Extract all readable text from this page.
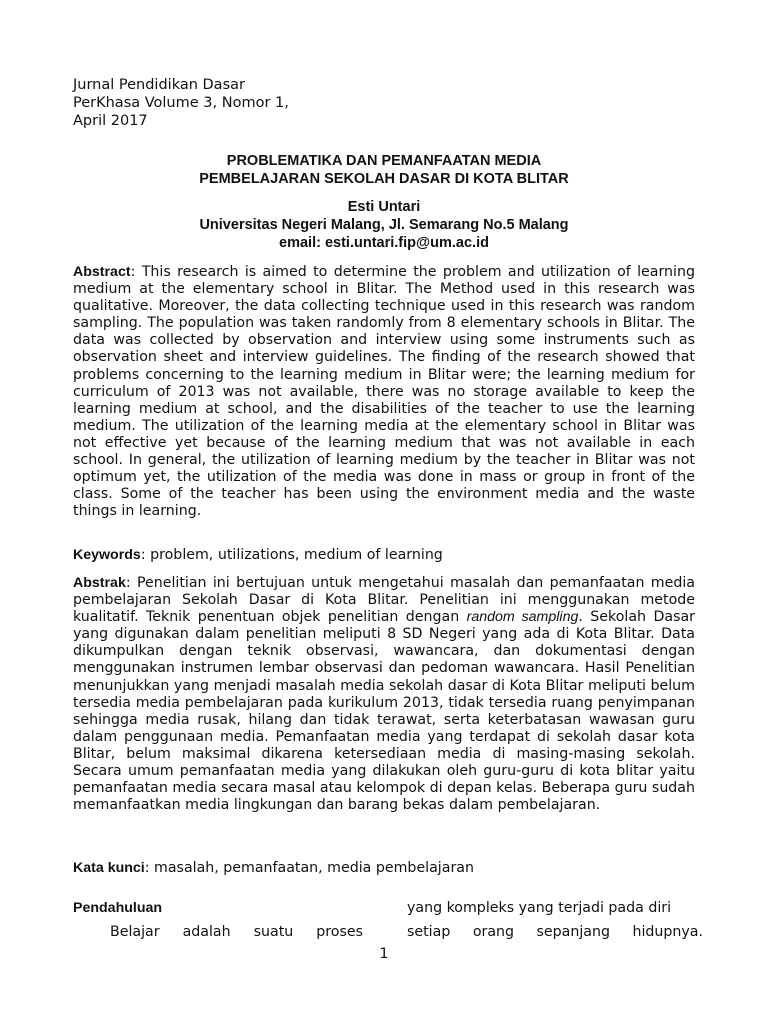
Jurnal Pendidikan Dasar
PerKhasa Volume 3, Nomor 1,
April 2017
PROBLEMATIKA DAN PEMANFAATAN MEDIA
PEMBELAJARAN SEKOLAH DASAR DI KOTA BLITAR
Esti Untari
Universitas Negeri Malang, Jl. Semarang No.5 Malang
email: esti.untari.fip@um.ac.id

Abstract: This research is aimed to determine the problem and utilization of learning medium at the elementary school in Blitar. The Method used in this research was qualitative. Moreover, the data collecting technique used in this research was random sampling. The population was taken randomly from 8 elementary schools in Blitar. The data was collected by observation and interview using some instruments such as observation sheet and interview guidelines. The finding of the research showed that problems concerning to the learning medium in Blitar were; the learning medium for curriculum of 2013 was not available, there was no storage available to keep the learning medium at school, and the disabilities of the teacher to use the learning medium. The utilization of the learning media at the elementary school in Blitar was not effective yet because of the learning medium that was not available in each school. In general, the utilization of learning medium by the teacher in Blitar was not optimum yet, the utilization of the media was done in mass or group in front of the class. Some of the teacher has been using the environment media and the waste things in learning.

Keywords: problem, utilizations, medium of learning

Abstrak: Penelitian ini bertujuan untuk mengetahui masalah dan pemanfaatan media pembelajaran Sekolah Dasar di Kota Blitar. Penelitian ini menggunakan metode kualitatif. Teknik penentuan objek penelitian dengan random sampling. Sekolah Dasar yang digunakan dalam penelitian meliputi 8 SD Negeri yang ada di Kota Blitar. Data dikumpulkan dengan teknik observasi, wawancara, dan dokumentasi dengan menggunakan instrumen lembar observasi dan pedoman wawancara. Hasil Penelitian menunjukkan yang menjadi masalah media sekolah dasar di Kota Blitar meliputi belum tersedia media pembelajaran pada kurikulum 2013, tidak tersedia ruang penyimpanan sehingga media rusak, hilang dan tidak terawat, serta keterbatasan wawasan guru dalam penggunaan media. Pemanfaatan media yang terdapat di sekolah dasar kota Blitar, belum maksimal dikarena ketersediaan media di masing-masing sekolah. Secara umum pemanfaatan media yang dilakukan oleh guru-guru di kota blitar yaitu pemanfaatan media secara masal atau kelompok di depan kelas. Beberapa guru sudah memanfaatkan media lingkungan dan barang bekas dalam pembelajaran.

Kata kunci: masalah, pemanfaatan, media pembelajaran

Pendahuluan
Belajar adalah suatu proses
yang kompleks yang terjadi pada diri
setiap orang sepanjang hidupnya.
1
